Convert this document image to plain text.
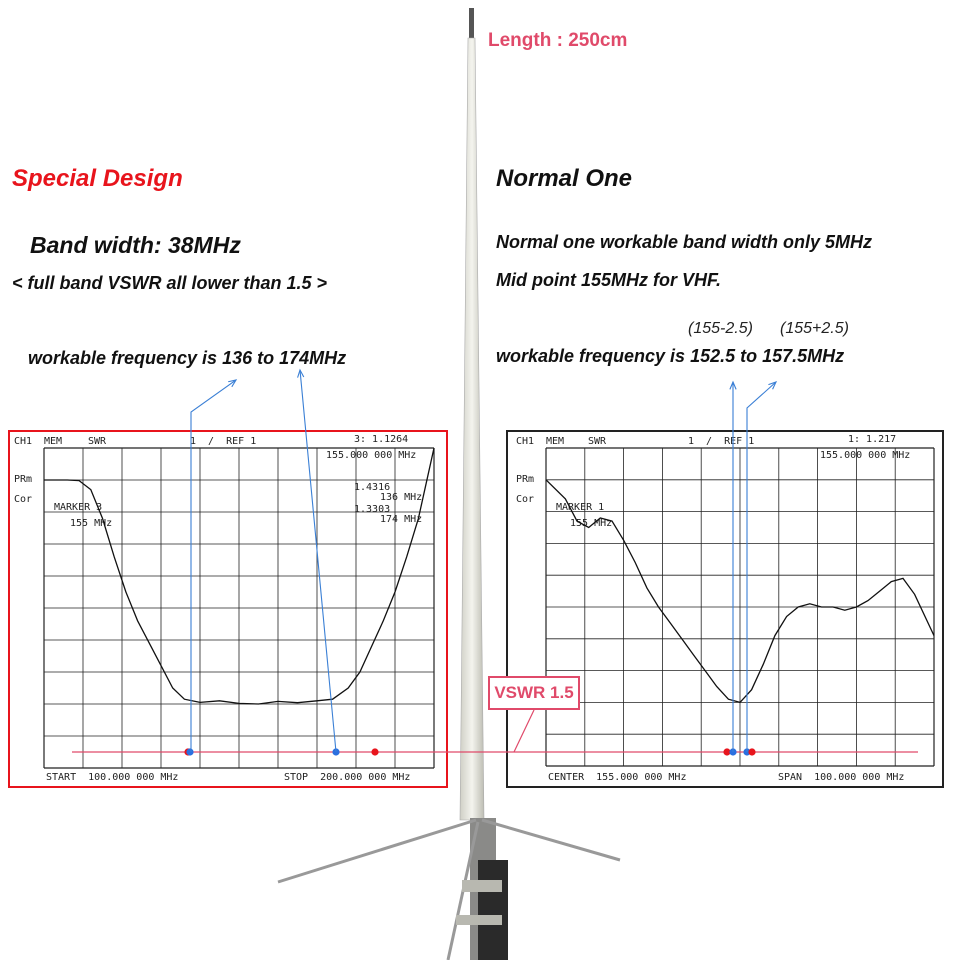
Length : 250cm
Special Design	Normal One
Band width: 38MHz
< full band VSWR all lower than 1.5 >
workable frequency is 136 to 174MHz
Normal one workable band width only 5MHz
Mid point 155MHz for VHF.
(155-2.5) (155+2.5)
workable frequency is 152.5 to 157.5MHz
CH1 MEM	SWR	1  /  REF 1	3: 1.1264
155.000 000 MHz
PRm
Cor
MARKER 3
155 MHz
1.4316
136 MHz
1.3303
174 MHz
START  100.000 000 MHz	STOP  200.000 000 MHz
CH1 MEM SWR	1  /  REF 1	1: 1.217
155.000 000 MHz
PRm
Cor
MARKER 1
155 MHz
CENTER  155.000 000 MHz	SPAN  100.000 000 MHz
VSWR 1.5
